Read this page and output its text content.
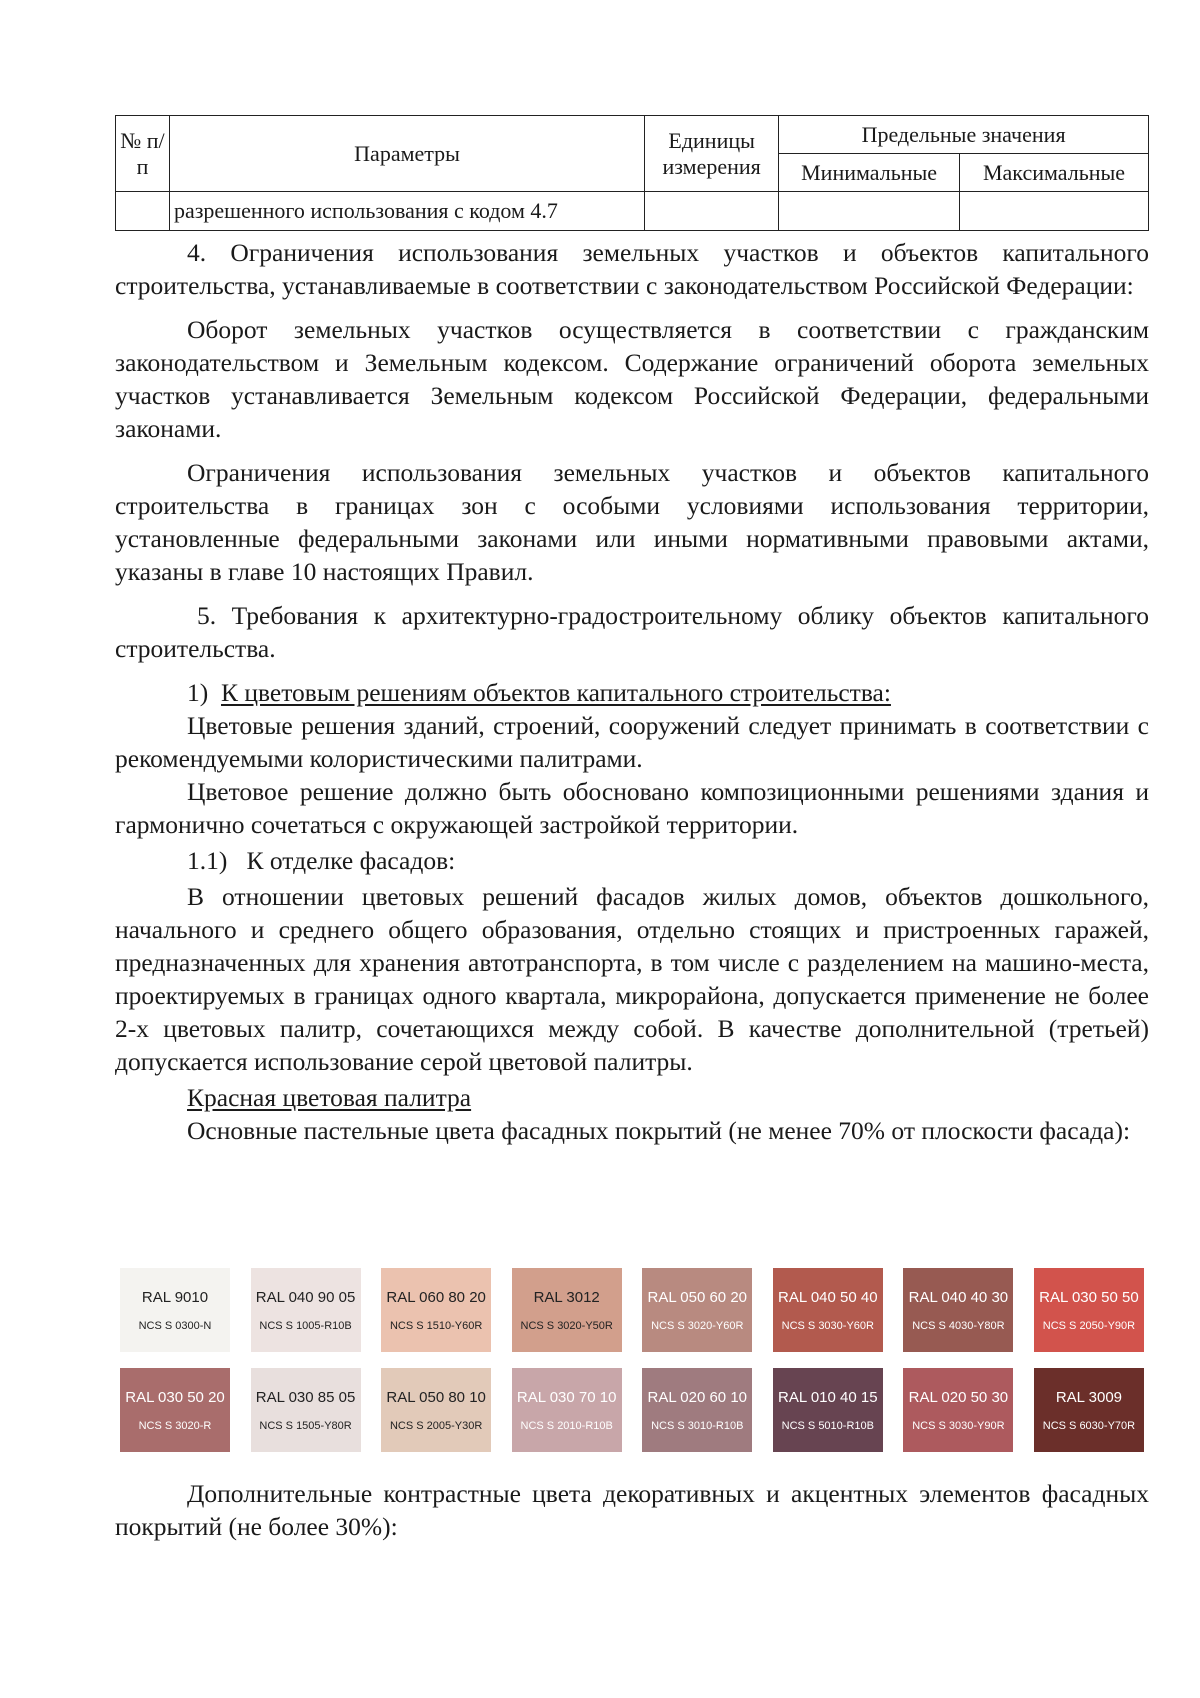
№ п/п	Параметры	Единицы измерения	Предельные значения	
			Минимальные	Максимальные
	разрешенного использования с кодом 4.7			

4. Ограничения использования земельных участков и объектов капитального строительства, устанавливаемые в соответствии с законодательством Российской Федерации:

Оборот земельных участков осуществляется в соответствии с гражданским законодательством и Земельным кодексом. Содержание ограничений оборота земельных участков устанавливается Земельным кодексом Российской Федерации, федеральными законами.

Ограничения использования земельных участков и объектов капитального строительства в границах зон с особыми условиями использования территории, установленные федеральными законами или иными нормативными правовыми актами, указаны в главе 10 настоящих Правил.

5. Требования к архитектурно-градостроительному облику объектов капитального строительства.

1) К цветовым решениям объектов капитального строительства:

Цветовые решения зданий, строений, сооружений следует принимать в соответствии с рекомендуемыми колористическими палитрами.

Цветовое решение должно быть обосновано композиционными решениями здания и гармонично сочетаться с окружающей застройкой территории.

1.1) К отделке фасадов:

В отношении цветовых решений фасадов жилых домов, объектов дошкольного, начального и среднего общего образования, отдельно стоящих и пристроенных гаражей, предназначенных для хранения автотранспорта, в том числе с разделением на машино-места, проектируемых в границах одного квартала, микрорайона, допускается применение не более 2-х цветовых палитр, сочетающихся между собой. В качестве дополнительной (третьей) допускается использование серой цветовой палитры.

Красная цветовая палитра

Основные пастельные цвета фасадных покрытий (не менее 70% от плоскости фасада):

RAL 9010
NCS S 0300-N
RAL 040 90 05
NCS S 1005-R10B
RAL 060 80 20
NCS S 1510-Y60R
RAL 3012
NCS S 3020-Y50R
RAL 050 60 20
NCS S 3020-Y60R
RAL 040 50 40
NCS S 3030-Y60R
RAL 040 40 30
NCS S 4030-Y80R
RAL 030 50 50
NCS S 2050-Y90R
RAL 030 50 20
NCS S 3020-R
RAL 030 85 05
NCS S 1505-Y80R
RAL 050 80 10
NCS S 2005-Y30R
RAL 030 70 10
NCS S 2010-R10B
RAL 020 60 10
NCS S 3010-R10B
RAL 010 40 15
NCS S 5010-R10B
RAL 020 50 30
NCS S 3030-Y90R
RAL 3009
NCS S 6030-Y70R

Дополнительные контрастные цвета декоративных и акцентных элементов фасадных покрытий (не более 30%):
